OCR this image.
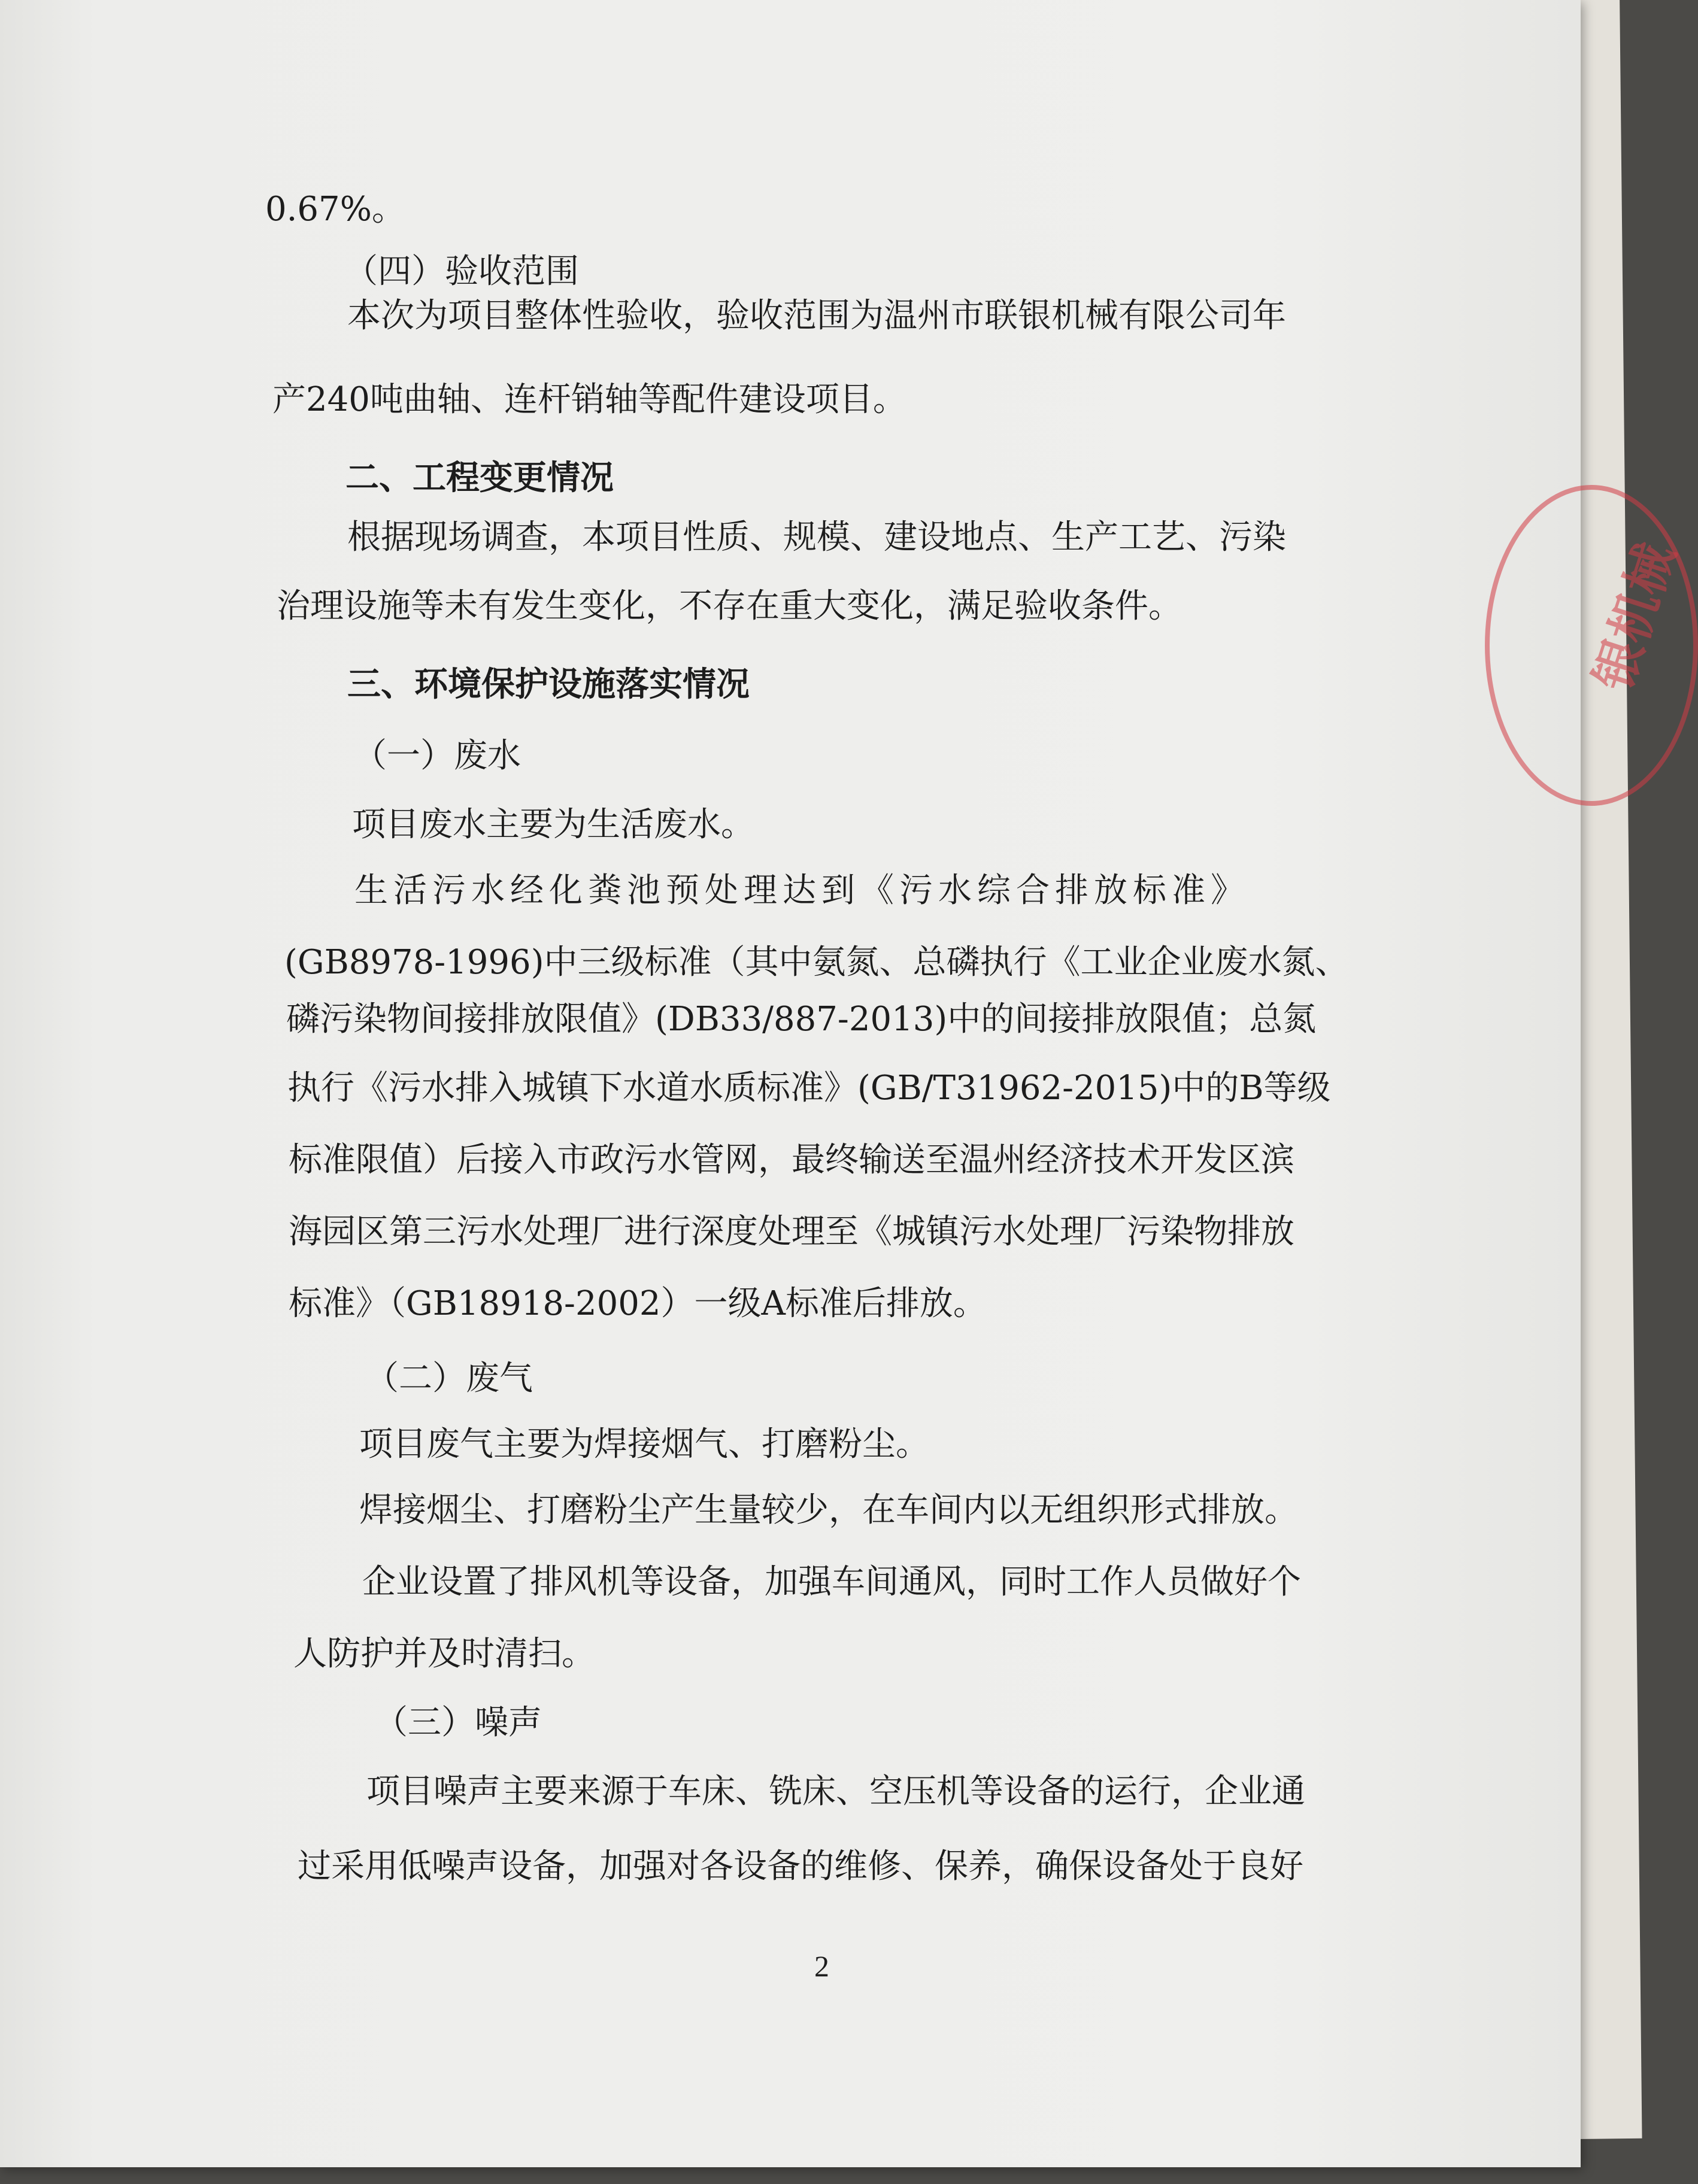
0.67%。

（四）验收范围

本次为项目整体性验收，验收范围为温州市联银机械有限公司年

产240吨曲轴、连杆销轴等配件建设项目。

二、工程变更情况

根据现场调查，本项目性质、规模、建设地点、生产工艺、污染

治理设施等未有发生变化，不存在重大变化，满足验收条件。

三、环境保护设施落实情况

（一）废水

项目废水主要为生活废水。

生活污水经化粪池预处理达到《污水综合排放标准》

(GB8978-1996)中三级标准（其中氨氮、总磷执行《工业企业废水氮、

磷污染物间接排放限值》(DB33/887-2013)中的间接排放限值；总氮

执行《污水排入城镇下水道水质标准》(GB/T31962-2015)中的B等级

标准限值）后接入市政污水管网，最终输送至温州经济技术开发区滨

海园区第三污水处理厂进行深度处理至《城镇污水处理厂污染物排放

标准》（GB18918-2002）一级A标准后排放。

（二）废气

项目废气主要为焊接烟气、打磨粉尘。

焊接烟尘、打磨粉尘产生量较少，在车间内以无组织形式排放。

企业设置了排风机等设备，加强车间通风，同时工作人员做好个

人防护并及时清扫。

（三）噪声

项目噪声主要来源于车床、铣床、空压机等设备的运行，企业通

过采用低噪声设备，加强对各设备的维修、保养，确保设备处于良好

2
银机械
